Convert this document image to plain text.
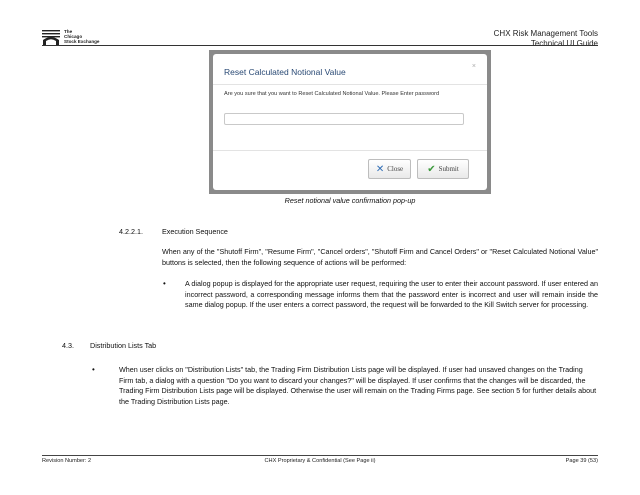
The
Chicago
Stock Exchange
CHX Risk Management Tools
Technical UI Guide
Reset Calculated Notional Value
×
Are you sure that you want to Reset Calculated Notional Value. Please Enter password
✕ Close ✔ Submit
Reset notional value confirmation pop-up
4.2.2.1.	Execution Sequence
When any of the "Shutoff Firm", "Resume Firm", "Cancel orders", "Shutoff Firm and Cancel Orders" or "Reset Calculated Notional Value" buttons is selected, then the following sequence of actions will be performed:
•	A dialog popup is displayed for the appropriate user request, requiring the user to enter their account password. If user entered an incorrect password, a corresponding message informs them that the password enter is incorrect and user will remain inside the same dialog popup. If the user enters a correct password, the request will be forwarded to the Kill Switch server for processing.
4.3. Distribution Lists Tab
•	When user clicks on "Distribution Lists" tab, the Trading Firm Distribution Lists page will be displayed. If user had unsaved changes on the Trading Firm tab, a dialog with a question "Do you want to discard your changes?" will be displayed. If user confirms that the changes will be discarded, the Trading Firm Distribution Lists page will be displayed. Otherwise the user will remain on the Trading Firms page. See section 5 for further details about the Trading Distribution Lists page.
Revision Number: 2	CHX Proprietary & Confidential (See Page ii)	Page 39 (53)
